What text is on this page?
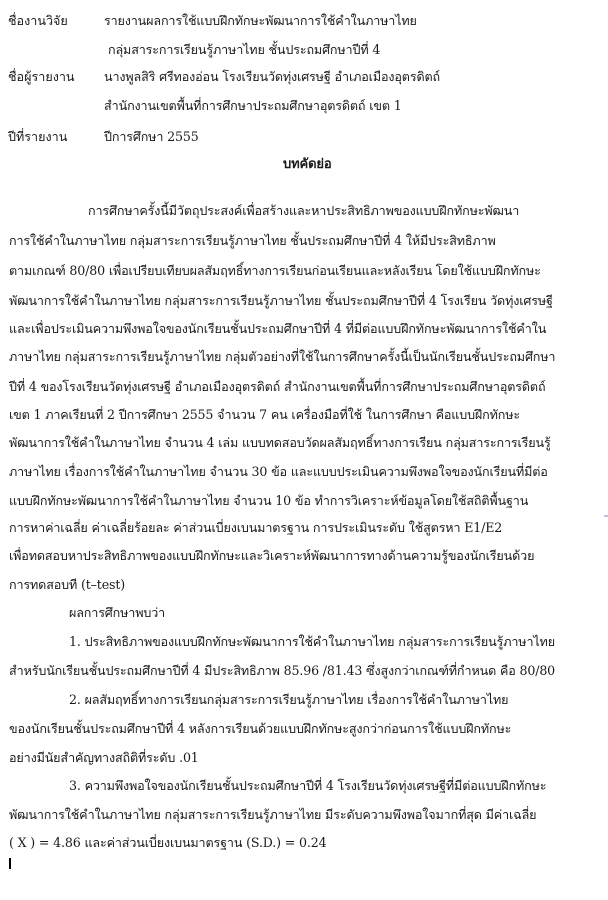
ชื่องานวิจัย	รายงานผลการใช้แบบฝึกทักษะพัฒนาการใช้คำในภาษาไทย
กลุ่มสาระการเรียนรู้ภาษาไทย ชั้นประถมศึกษาปีที่ 4
ชื่อผู้รายงาน นางพูลสิริ ศรีทองอ่อน โรงเรียนวัดทุ่งเศรษฐี อำเภอเมืองอุตรดิตถ์
สำนักงานเขตพื้นที่การศึกษาประถมศึกษาอุตรดิตถ์ เขต 1
ปีที่รายงาน	ปีการศึกษา 2555
บทคัดย่อ
การศึกษาครั้งนี้มีวัตถุประสงค์เพื่อสร้างและหาประสิทธิภาพของแบบฝึกทักษะพัฒนา
การใช้คำในภาษาไทย กลุ่มสาระการเรียนรู้ภาษาไทย ชั้นประถมศึกษาปีที่ 4 ให้มีประสิทธิภาพ
ตามเกณฑ์ 80/80 เพื่อเปรียบเทียบผลสัมฤทธิ์ทางการเรียนก่อนเรียนและหลังเรียน โดยใช้แบบฝึกทักษะ
พัฒนาการใช้คำในภาษาไทย กลุ่มสาระการเรียนรู้ภาษาไทย ชั้นประถมศึกษาปีที่ 4 โรงเรียน วัดทุ่งเศรษฐี
และเพื่อประเมินความพึงพอใจของนักเรียนชั้นประถมศึกษาปีที่ 4 ที่มีต่อแบบฝึกทักษะพัฒนาการใช้คำใน
ภาษาไทย กลุ่มสาระการเรียนรู้ภาษาไทย กลุ่มตัวอย่างที่ใช้ในการศึกษาครั้งนี้เป็นนักเรียนชั้นประถมศึกษา
ปีที่ 4 ของโรงเรียนวัดทุ่งเศรษฐี อำเภอเมืองอุตรดิตถ์ สำนักงานเขตพื้นที่การศึกษาประถมศึกษาอุตรดิตถ์
เขต 1 ภาคเรียนที่ 2 ปีการศึกษา 2555 จำนวน 7 คน เครื่องมือที่ใช้ ในการศึกษา คือแบบฝึกทักษะ
พัฒนาการใช้คำในภาษาไทย จำนวน 4 เล่ม แบบทดสอบวัดผลสัมฤทธิ์ทางการเรียน กลุ่มสาระการเรียนรู้
ภาษาไทย เรื่องการใช้คำในภาษาไทย จำนวน 30 ข้อ และแบบประเมินความพึงพอใจของนักเรียนที่มีต่อ
แบบฝึกทักษะพัฒนาการใช้คำในภาษาไทย จำนวน 10 ข้อ ทำการวิเคราะห์ข้อมูลโดยใช้สถิติพื้นฐาน
การหาค่าเฉลี่ย ค่าเฉลี่ยร้อยละ ค่าส่วนเบี่ยงเบนมาตรฐาน การประเมินระดับ ใช้สูตรหา E1/E2
เพื่อทดสอบหาประสิทธิภาพของแบบฝึกทักษะและวิเคราะห์พัฒนาการทางด้านความรู้ของนักเรียนด้วย
การทดสอบที (t–test)
ผลการศึกษาพบว่า
1. ประสิทธิภาพของแบบฝึกทักษะพัฒนาการใช้คำในภาษาไทย กลุ่มสาระการเรียนรู้ภาษาไทย
สำหรับนักเรียนชั้นประถมศึกษาปีที่ 4 มีประสิทธิภาพ 85.96 /81.43 ซึ่งสูงกว่าเกณฑ์ที่กำหนด คือ 80/80
2. ผลสัมฤทธิ์ทางการเรียนกลุ่มสาระการเรียนรู้ภาษาไทย เรื่องการใช้คำในภาษาไทย
ของนักเรียนชั้นประถมศึกษาปีที่ 4 หลังการเรียนด้วยแบบฝึกทักษะสูงกว่าก่อนการใช้แบบฝึกทักษะ
อย่างมีนัยสำคัญทางสถิติที่ระดับ .01
3. ความพึงพอใจของนักเรียนชั้นประถมศึกษาปีที่ 4 โรงเรียนวัดทุ่งเศรษฐีที่มีต่อแบบฝึกทักษะ
พัฒนาการใช้คำในภาษาไทย กลุ่มสาระการเรียนรู้ภาษาไทย มีระดับความพึงพอใจมากที่สุด มีค่าเฉลี่ย
( X ) = 4.86 และค่าส่วนเบี่ยงเบนมาตรฐาน (S.D.) = 0.24
